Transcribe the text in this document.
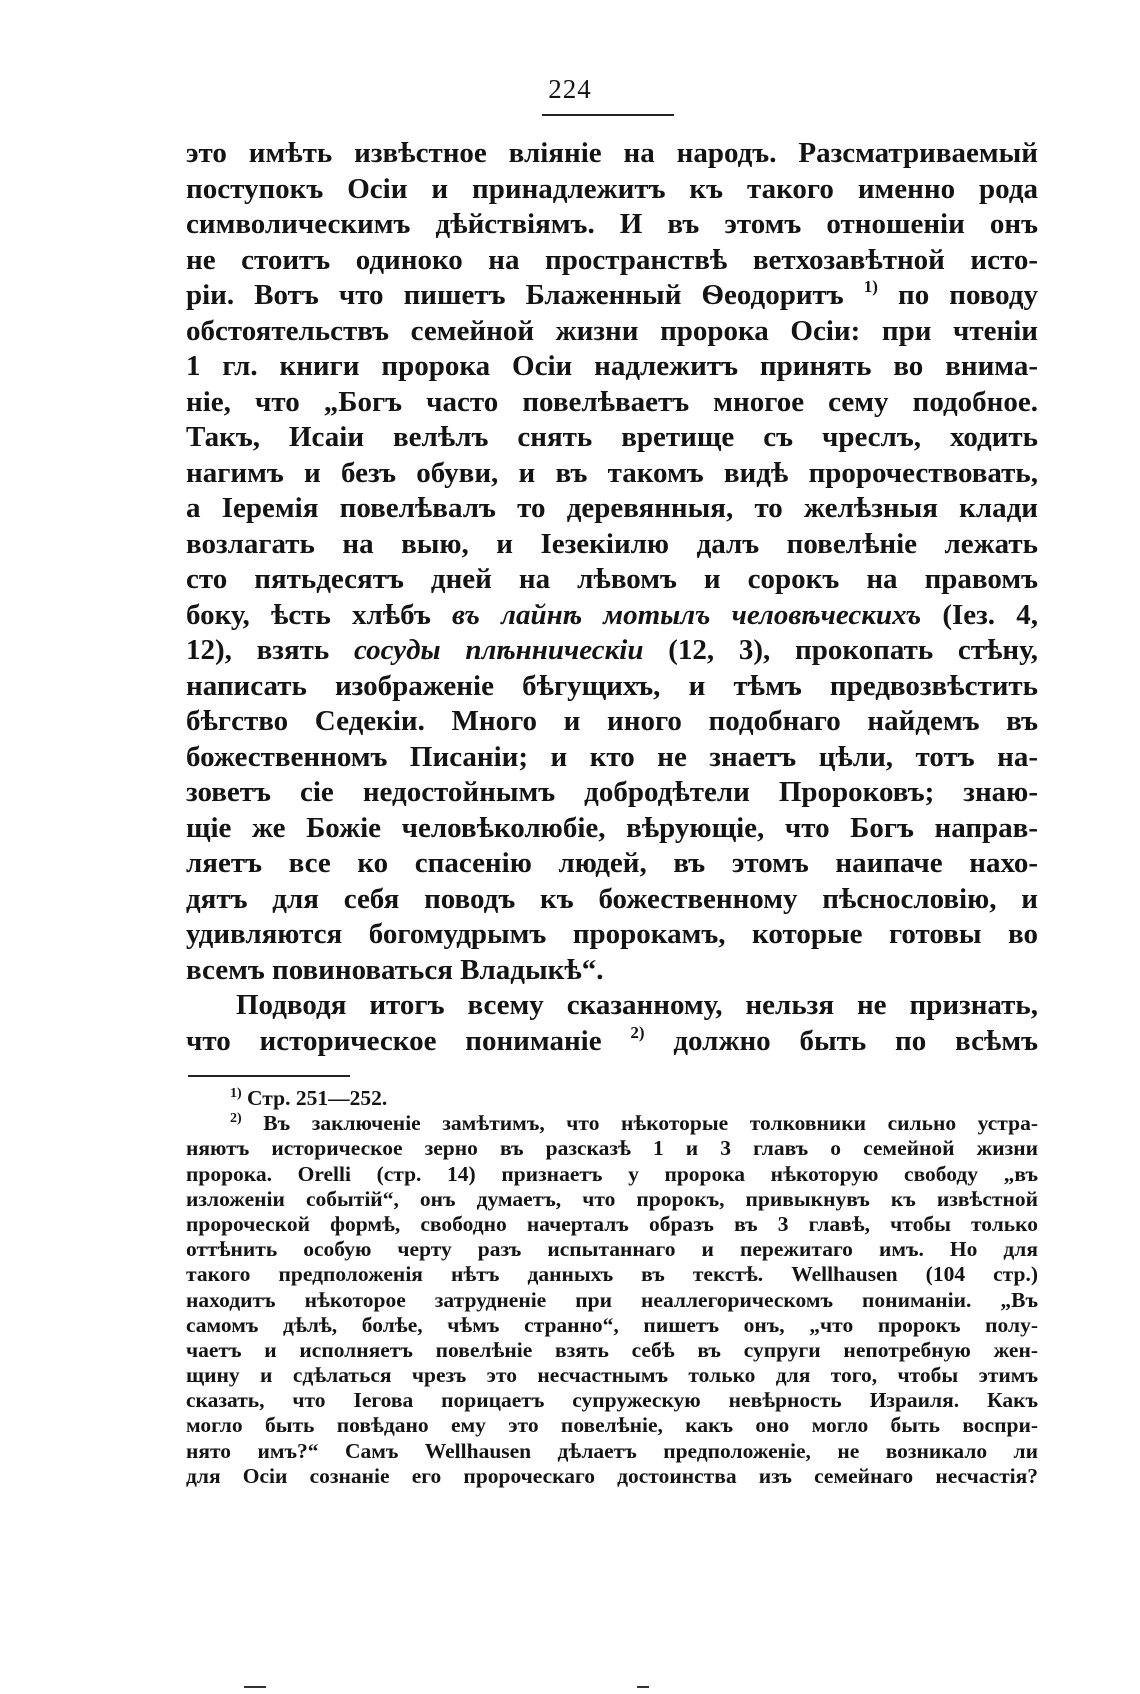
224
это имѣть извѣстное вліяніе на народъ. Разсматриваемый
поступокъ Осіи и принадлежитъ къ такого именно рода
символическимъ дѣйствіямъ. И въ этомъ отношеніи онъ
не стоитъ одиноко на пространствѣ ветхозавѣтной исто-
ріи. Вотъ что пишетъ Блаженный Ѳеодоритъ $^{1)}$ по поводу
обстоятельствъ семейной жизни пророка Осіи: при чтеніи
1 гл. книги пророка Осіи надлежитъ принять во внима-
ніе, что „Богъ часто повелѣваетъ многое сему подобное.
Такъ, Исаіи велѣлъ снять вретище съ чреслъ, ходить
нагимъ и безъ обуви, и въ такомъ видѣ пророчествовать,
а Іеремія повелѣвалъ то деревянныя, то желѣзныя клади
возлагать на выю, и Іезекіилю далъ повелѣніе лежать
сто пятьдесятъ дней на лѣвомъ и сорокъ на правомъ
боку, ѣсть хлѣбъ въ лайнѣ мотылъ человѣческихъ (Іез. 4,
12), взять сосуды плѣнническіи (12, 3), прокопать стѣну,
написать изображеніе бѣгущихъ, и тѣмъ предвозвѣстить
бѣгство Седекіи. Много и иного подобнаго найдемъ въ
божественномъ Писаніи; и кто не знаетъ цѣли, тотъ на-
зоветъ сіе недостойнымъ добродѣтели Пророковъ; знаю-
щіе же Божіе человѣколюбіе, вѣрующіе, что Богъ направ-
ляетъ все ко спасенію людей, въ этомъ наипаче нахо-
дятъ для себя поводъ къ божественному пѣснословію, и
удивляются богомудрымъ пророкамъ, которые готовы во
всемъ повиноваться Владыкѣ“.
Подводя итогъ всему сказанному, нельзя не признать,
что историческое пониманіе $^{2)}$ должно быть по всѣмъ
$^{1)}$ Стр. 251—252.
$^{2)}$ Въ заключеніе замѣтимъ, что нѣкоторые толковники сильно устра-
няютъ историческое зерно въ разсказѣ 1 и 3 главъ о семейной жизни
пророка. Orelli (стр. 14) признаетъ у пророка нѣкоторую свободу „въ
изложеніи событій“, онъ думаетъ, что пророкъ, привыкнувъ къ извѣстной
пророческой формѣ, свободно начерталъ образъ въ 3 главѣ, чтобы только
оттѣнить особую черту разъ испытаннаго и пережитаго имъ. Но для
такого предположенія нѣтъ данныхъ въ текстѣ. Wellhausen (104 стр.)
находитъ нѣкоторое затрудненіе при неаллегорическомъ пониманіи. „Въ
самомъ дѣлѣ, болѣе, чѣмъ странно“, пишетъ онъ, „что пророкъ полу-
чаетъ и исполняетъ повелѣніе взять себѣ въ супруги непотребную жен-
щину и сдѣлаться чрезъ это несчастнымъ только для того, чтобы этимъ
сказать, что Іегова порицаетъ супружескую невѣрность Израиля. Какъ
могло быть повѣдано ему это повелѣніе, какъ оно могло быть воспри-
нято имъ?“ Самъ Wellhausen дѣлаетъ предположеніе, не возникало ли
для Осіи сознаніе его пророческаго достоинства изъ семейнаго несчастія?
